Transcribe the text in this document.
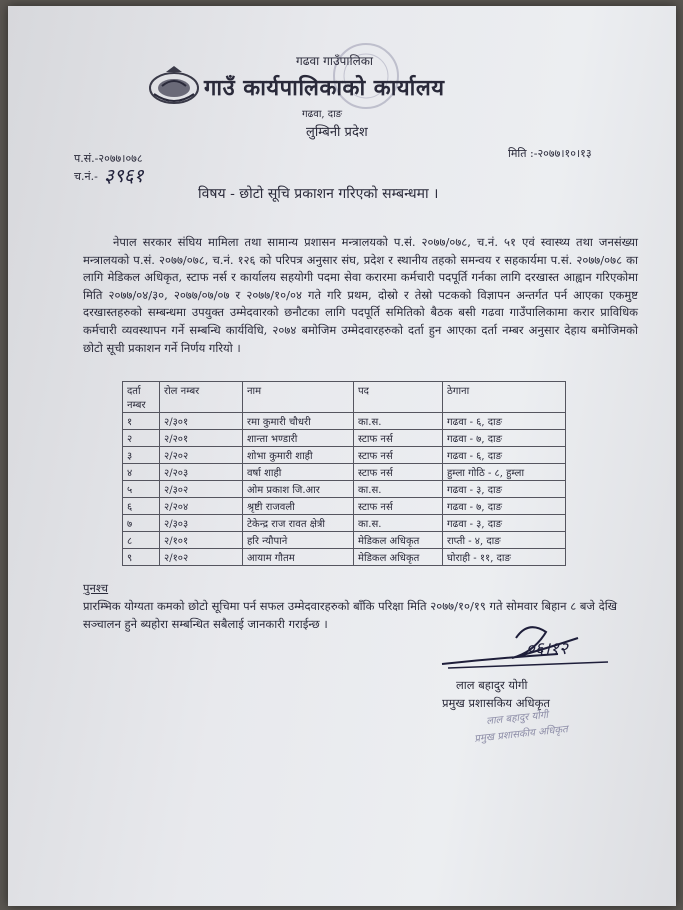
गढवा गाउँपालिका
गाउँ कार्यपालिकाको कार्यालय
गढवा, दाङ
लुम्बिनी प्रदेश
प.सं.-२०७७।०७८
च.नं.- ३९६१
मिति :-२०७७।१०।१३
विषय - छोटो सूचि प्रकाशन गरिएको सम्बन्धमा ।
नेपाल सरकार संघिय मामिला तथा सामान्य प्रशासन मन्त्रालयको प.सं. २०७७/०७८, च.नं. ५१ एवं स्वास्थ्य तथा जनसंख्या मन्त्रालयको प.सं. २०७७/०७८, च.नं. १२६ को परिपत्र अनुसार संघ, प्रदेश र स्थानीय तहको समन्वय र सहकार्यमा प.सं. २०७७/०७८ का लागि मेडिकल अधिकृत, स्टाफ नर्स र कार्यालय सहयोगी पदमा सेवा करारमा कर्मचारी पदपूर्ति गर्नका लागि दरखास्त आह्वान गरिएकोमा मिति २०७७/०४/३०, २०७७/०७/०७ र २०७७/१०/०४ गते गरि प्रथम, दोस्रो र तेस्रो पटकको विज्ञापन अन्तर्गत पर्न आएका एकमुष्ट दरखास्तहरुको सम्बन्धमा उपयुक्त उम्मेदवारको छनौटका लागि पदपूर्ति समितिको बैठक बसी गढवा गाउँपालिकामा करार प्राविधिक कर्मचारी व्यवस्थापन गर्ने सम्बन्धि कार्यविधि, २०७४ बमोजिम उम्मेदवारहरुको दर्ता हुन आएका दर्ता नम्बर अनुसार देहाय बमोजिमको छोटो सूची प्रकाशन गर्ने निर्णय गरियो ।
दर्ता नम्बर	रोल नम्बर	नाम	पद	ठेगाना
१	२/३०१	रमा कुमारी चौधरी	का.स.	गढवा - ६, दाङ
२	२/२०१	शान्ता भण्डारी	स्टाफ नर्स	गढवा - ७, दाङ
३	२/२०२	शोभा कुमारी शाही	स्टाफ नर्स	गढवा - ६, दाङ
४	२/२०३	वर्षा शाही	स्टाफ नर्स	हुम्ला गोठि - ८, हुम्ला
५	२/३०२	ओम प्रकाश जि.आर	का.स.	गढवा - ३, दाङ
६	२/२०४	श्रृष्टी राजवली	स्टाफ नर्स	गढवा - ७, दाङ
७	२/३०३	टेकेन्द्र राज रावत क्षेत्री	का.स.	गढवा - ३, दाङ
८	२/१०१	हरि न्यौपाने	मेडिकल अधिकृत	राप्ती - ४, दाङ
९	२/१०२	आयाम गौतम	मेडिकल अधिकृत	घोराही - ११, दाङ
पुनश्च
प्रारम्भिक योग्यता कमको छोटो सूचिमा पर्न सफल उम्मेदवारहरुको बाँकि परिक्षा मिति २०७७/१०/१९ गते सोमवार बिहान ८ बजे देखि सञ्चालन हुने ब्यहोरा सम्बन्धित सबैलाई जानकारी गराईन्छ ।
०६।१२
लाल बहादुर योगी
प्रमुख प्रशासकिय अधिकृत
लाल बहादुर योगी
प्रमुख प्रशासकीय अधिकृत
